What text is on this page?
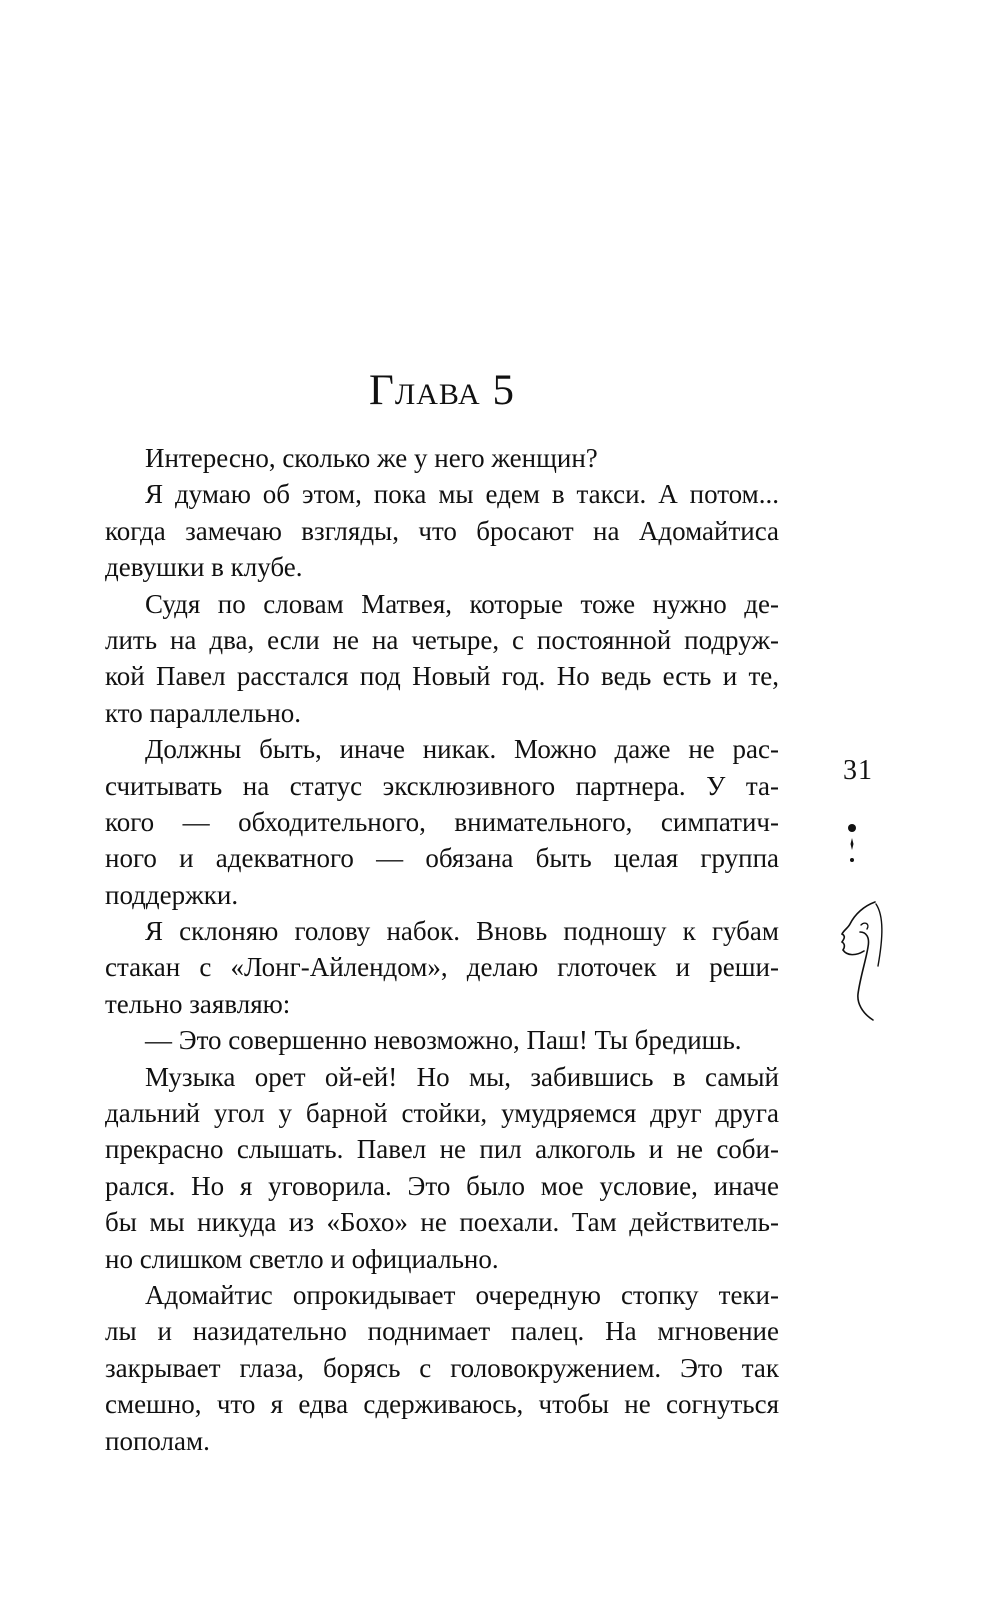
Глава 5
Интересно, сколько же у него женщин?
Я думаю об этом, пока мы едем в такси. А потом...
когда замечаю взгляды, что бросают на Адомайтиса
девушки в клубе.
Судя по словам Матвея, которые тоже нужно де-
лить на два, если не на четыре, с постоянной подруж-
кой Павел расстался под Новый год. Но ведь есть и те,
кто параллельно.
Должны быть, иначе никак. Можно даже не рас-
считывать на статус эксклюзивного партнера. У та-
кого — обходительного, внимательного, симпатич-
ного и адекватного — обязана быть целая группа
поддержки.
Я склоняю голову набок. Вновь подношу к губам
стакан с «Лонг-Айлендом», делаю глоточек и реши-
тельно заявляю:
— Это совершенно невозможно, Паш! Ты бредишь.
Музыка орет ой-ей! Но мы, забившись в самый
дальний угол у барной стойки, умудряемся друг друга
прекрасно слышать. Павел не пил алкоголь и не соби-
рался. Но я уговорила. Это было мое условие, иначе
бы мы никуда из «Бохо» не поехали. Там действитель-
но слишком светло и официально.
Адомайтис опрокидывает очередную стопку теки-
лы и назидательно поднимает палец. На мгновение
закрывает глаза, борясь с головокружением. Это так
смешно, что я едва сдерживаюсь, чтобы не согнуться
пополам.
31
